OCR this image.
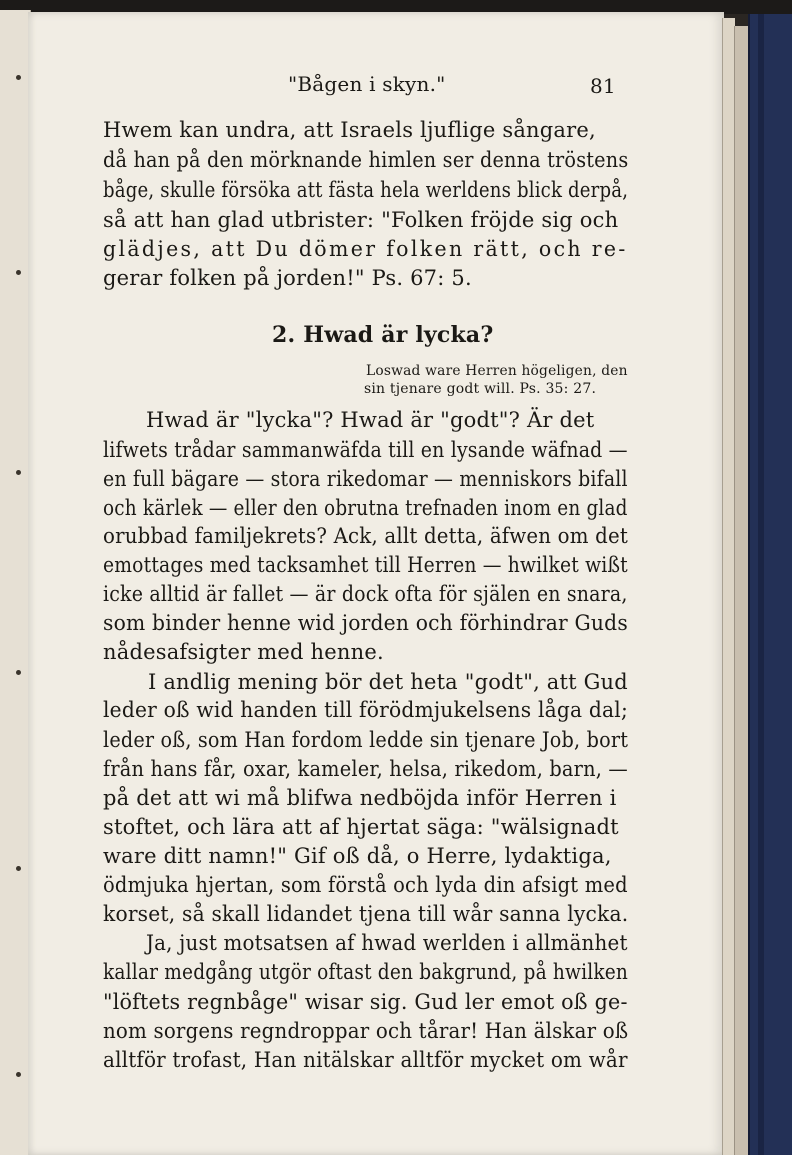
"Bågen i skyn."	81
Hwem kan undra, att Israels ljuflige sångare,
då han på den mörknande himlen ser denna tröstens
båge, skulle försöka att fästa hela werldens blick derpå,
så att han glad utbrister: "Folken fröjde sig och
glädjes, att Du dömer folken rätt, och re-
gerar folken på jorden!" Ps. 67: 5.
2. Hwad är lycka?
Loswad ware Herren högeligen, den
sin tjenare godt will. Ps. 35: 27.
Hwad är "lycka"? Hwad är "godt"? Är det
lifwets trådar sammanwäfda till en lysande wäfnad —
en full bägare — stora rikedomar — menniskors bifall
och kärlek — eller den obrutna trefnaden inom en glad
orubbad familjekrets? Ack, allt detta, äfwen om det
emottages med tacksamhet till Herren — hwilket wißt
icke alltid är fallet — är dock ofta för själen en snara,
som binder henne wid jorden och förhindrar Guds
nådesafsigter med henne.
I andlig mening bör det heta "godt", att Gud
leder oß wid handen till förödmjukelsens låga dal;
leder oß, som Han fordom ledde sin tjenare Job, bort
från hans får, oxar, kameler, helsa, rikedom, barn, —
på det att wi må blifwa nedböjda inför Herren i
stoftet, och lära att af hjertat säga: "wälsignadt
ware ditt namn!" Gif oß då, o Herre, lydaktiga,
ödmjuka hjertan, som förstå och lyda din afsigt med
korset, så skall lidandet tjena till wår sanna lycka.
Ja, just motsatsen af hwad werlden i allmänhet
kallar medgång utgör oftast den bakgrund, på hwilken
"löftets regnbåge" wisar sig. Gud ler emot oß ge-
nom sorgens regndroppar och tårar! Han älskar oß
alltför trofast, Han nitälskar alltför mycket om wår
